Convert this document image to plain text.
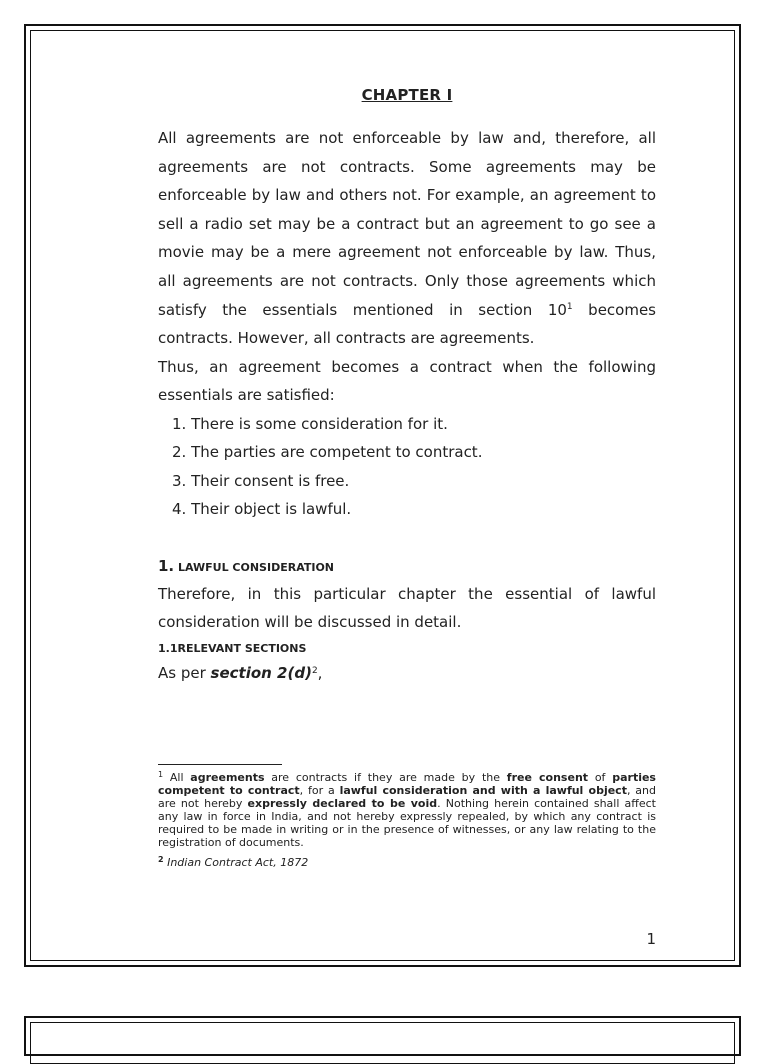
CHAPTER I

All agreements are not enforceable by law and, therefore, all agreements are not contracts. Some agreements may be enforceable by law and others not. For example, an agreement to sell a radio set may be a contract but an agreement to go see a movie may be a mere agreement not enforceable by law. Thus, all agreements are not contracts. Only those agreements which satisfy the essentials mentioned in section $10^1$ becomes contracts. However, all contracts are agreements.

Thus, an agreement becomes a contract when the following essentials are satisfied:

1. There is some consideration for it.
2. The parties are competent to contract.
3. Their consent is free.
4. Their object is lawful.
1. LAWFUL CONSIDERATION

Therefore, in this particular chapter the essential of lawful consideration will be discussed in detail.

1.1RELEVANT SECTIONS

As per section $2(d)^2$,

$^1$ All agreements are contracts if they are made by the free consent of parties competent to contract, for a lawful consideration and with a lawful object, and are not hereby expressly declared to be void. Nothing herein contained shall affect any law in force in India, and not hereby expressly repealed, by which any contract is required to be made in writing or in the presence of witnesses, or any law relating to the registration of documents.
$^2$ Indian Contract Act, 1872
1
